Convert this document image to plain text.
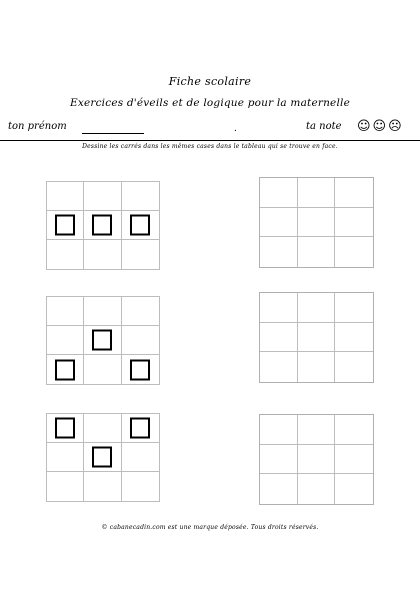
Fiche scolaire
Exercices d'éveils et de logique pour la maternelle
ton prénom	.	ta note ☺☺☹
Dessine les carrés dans les mêmes cases dans le tableau qui se trouve en face.
© cabanecadin.com est une marque déposée. Tous droits réservés.
